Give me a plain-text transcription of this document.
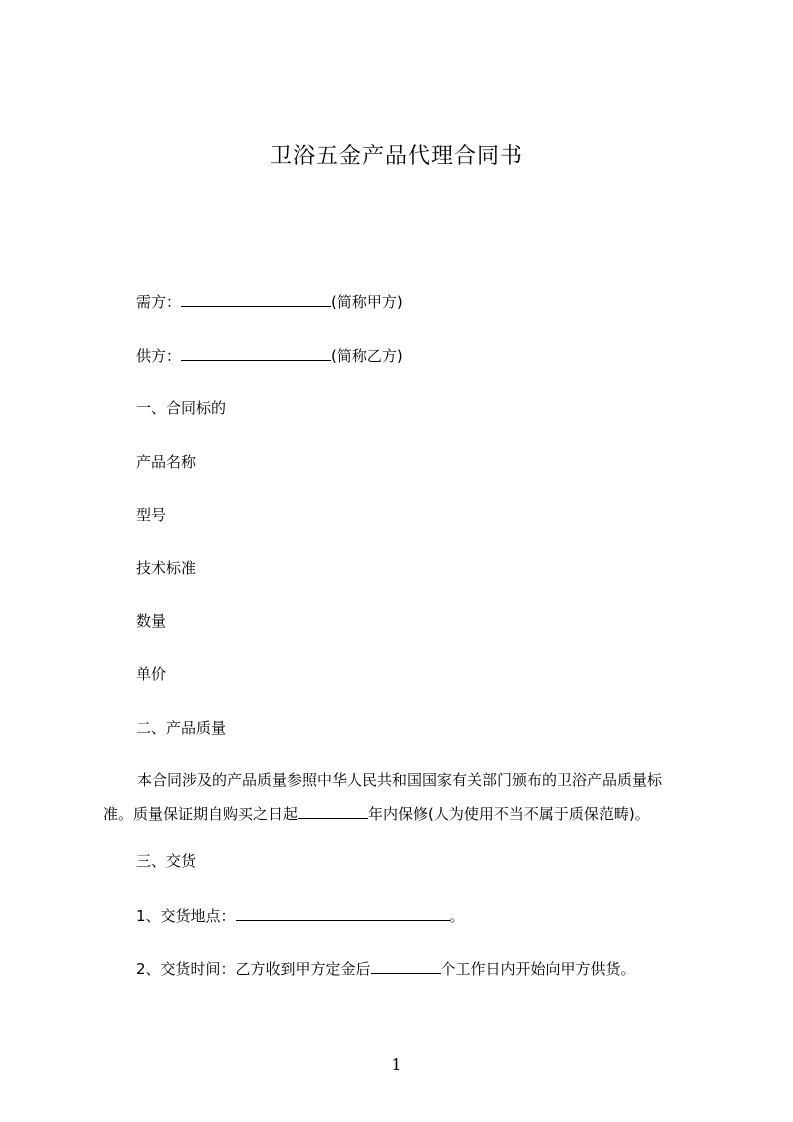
卫浴五金产品代理合同书
需方：	(简称甲方)
供方：	(简称乙方)
一、合同标的
产品名称
型号
技术标准
数量
单价
二、产品质量
本合同涉及的产品质量参照中华人民共和国国家有关部门颁布的卫浴产品质量标
准。质量保证期自购买之日起	年内保修(人为使用不当不属于质保范畴)。
三、交货
1、交货地点：	。
2、交货时间：乙方收到甲方定金后	个工作日内开始向甲方供货。
1
